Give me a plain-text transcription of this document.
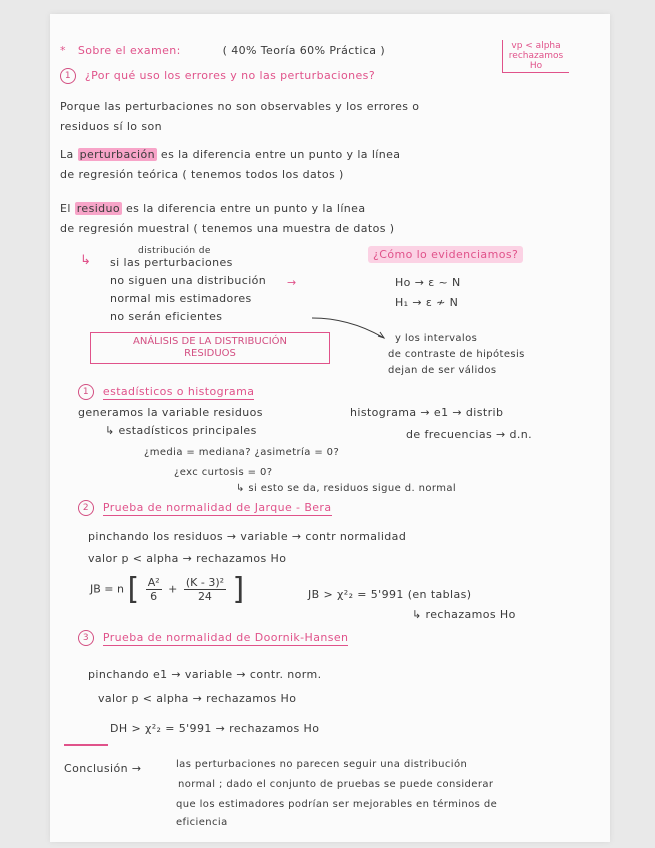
* Sobre el examen:	( 40% Teoría 60% Práctica )	vp < alpha rechazamos Ho
1 ¿Por qué uso los errores y no las perturbaciones?
Porque las perturbaciones no son observables y los errores o
residuos sí lo son
La perturbación es la diferencia entre un punto y la línea
de regresión teórica ( tenemos todos los datos )
El residuo es la diferencia entre un punto y la línea
de regresión muestral ( tenemos una muestra de datos )
↳
distribución de
si las perturbaciones
no siguen una distribución
normal mis estimadores
no serán eficientes
→
¿Cómo lo evidenciamos?
Ho → ε ~ N
H₁ → ε ≁ N
y los intervalos
de contraste de hipótesis
dejan de ser válidos
ANÁLISIS DE LA DISTRIBUCIÓN
RESIDUOS
1 estadísticos o histograma
generamos la variable residuos	histograma → e1 → distrib
↳ estadísticos principales	de frecuencias → d.n.
¿media = mediana? ¿asimetría = 0?
¿exc curtosis = 0?
↳ si esto se da, residuos sigue d. normal
2 Prueba de normalidad de Jarque - Bera
pinchando los residuos → variable → contr normalidad
valor p < alpha → rechazamos Ho
JB = n [ $\frac{\text{A²}}{6} + \frac{\text{(K - 3)²}}{24}$ ]	JB > χ²₂ = 5'991 (en tablas)
↳ rechazamos Ho
3 Prueba de normalidad de Doornik-Hansen
pinchando e1 → variable → contr. norm.
valor p < alpha → rechazamos Ho
DH > χ²₂ = 5'991 → rechazamos Ho
Conclusión →	las perturbaciones no parecen seguir una distribución
normal ; dado el conjunto de pruebas se puede considerar
que los estimadores podrían ser mejorables en términos de
eficiencia
